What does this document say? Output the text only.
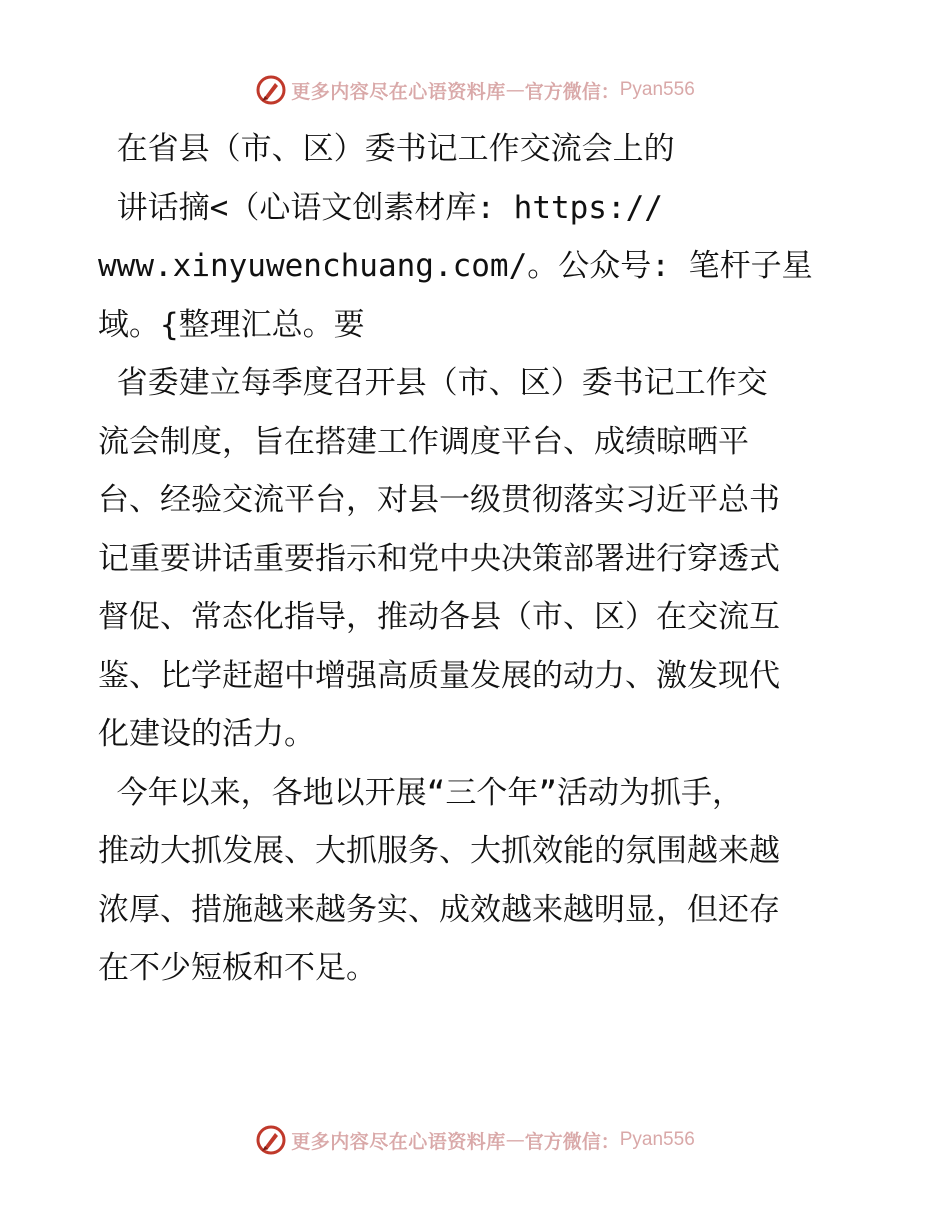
更多内容尽在心语资料库 — 官方微信： Pyan556
在省县（市、区）委书记工作交流会上的
讲话摘<（心语文创素材库: https://
www.xinyuwenchuang.com/。公众号: 笔杆子星
域。{整理汇总。要
省委建立每季度召开县（市、区）委书记工作交
流会制度，旨在搭建工作调度平台、成绩晾晒平
台、经验交流平台，对县一级贯彻落实习近平总书
记重要讲话重要指示和党中央决策部署进行穿透式
督促、常态化指导，推动各县（市、区）在交流互
鉴、比学赶超中增强高质量发展的动力、激发现代
化建设的活力。
今年以来，各地以开展“三个年”活动为抓手，
推动大抓发展、大抓服务、大抓效能的氛围越来越
浓厚、措施越来越务实、成效越来越明显，但还存
在不少短板和不足。
更多内容尽在心语资料库 — 官方微信： Pyan556
